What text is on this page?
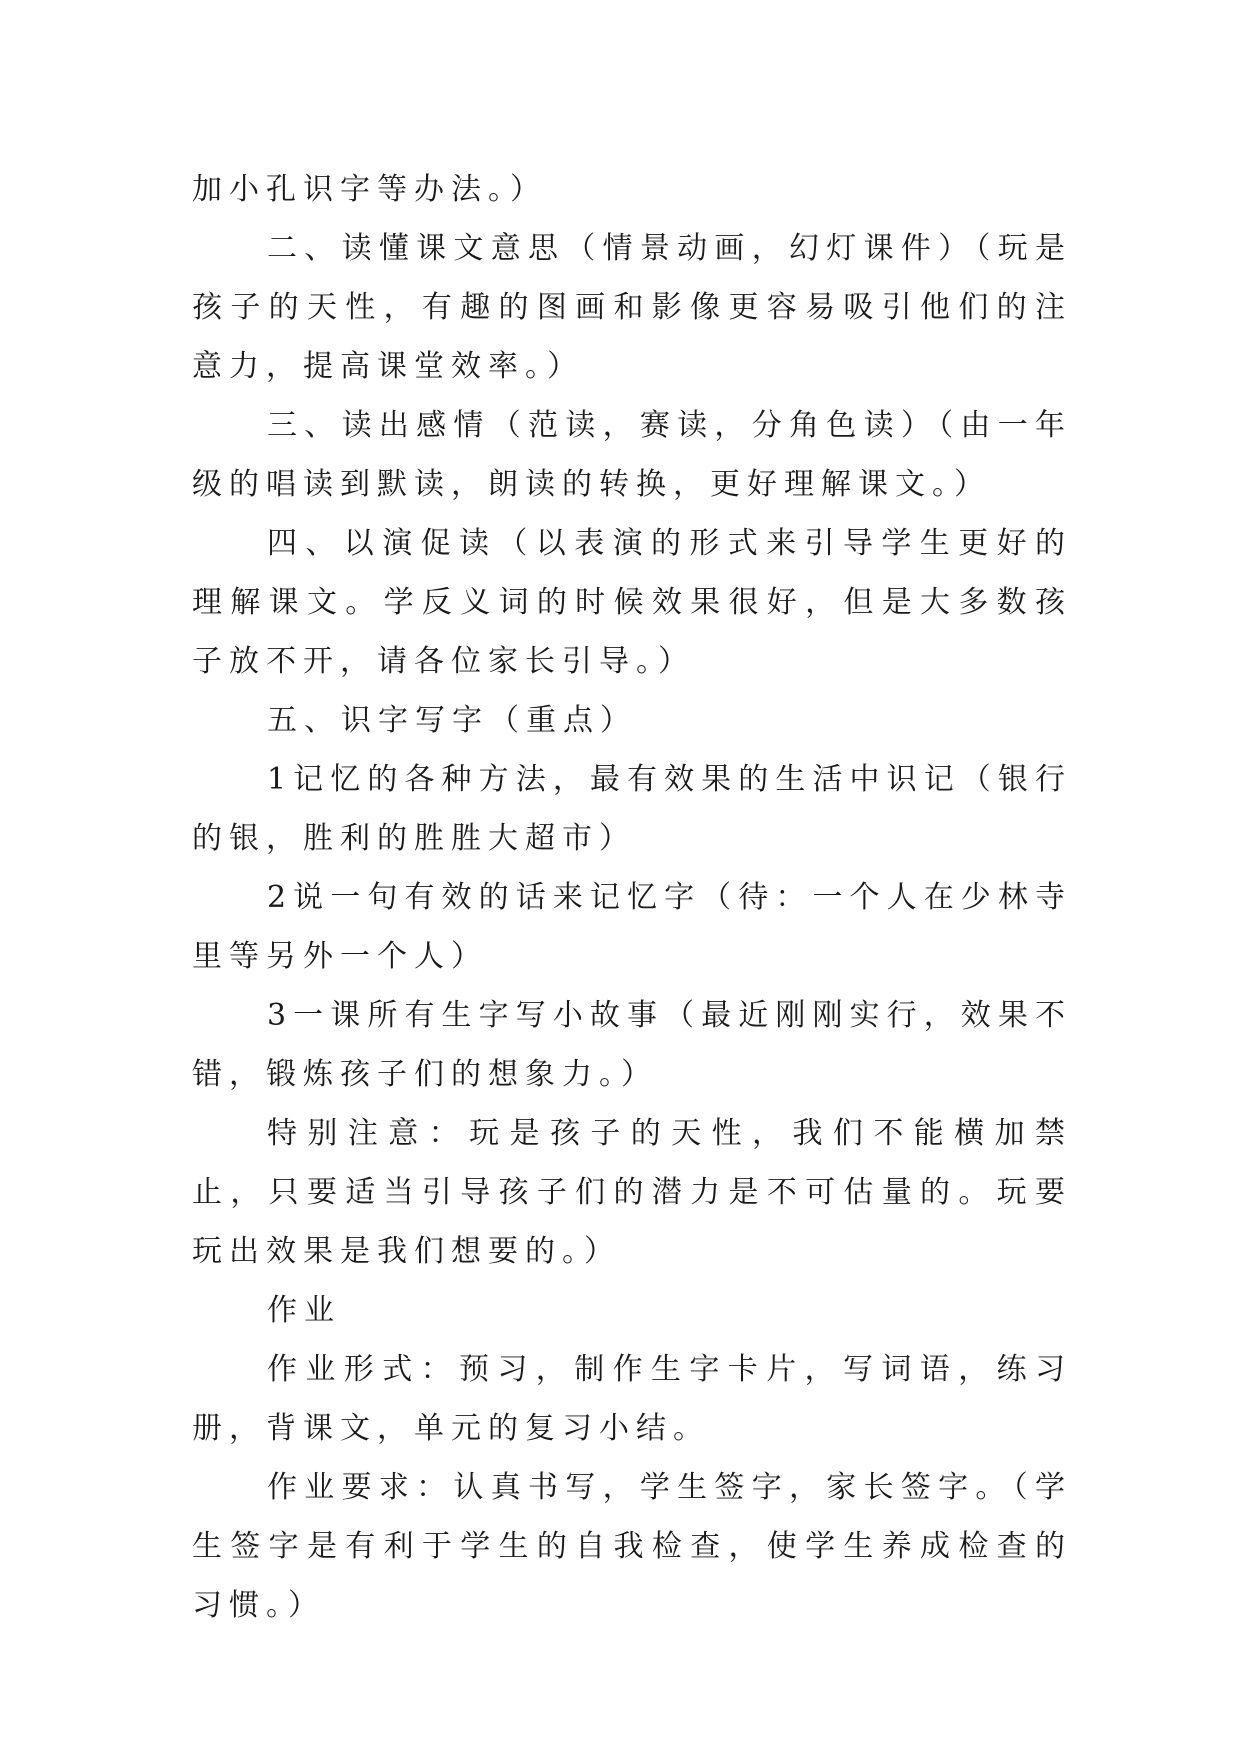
加小孔识字等办法。）

二、读懂课文意思（情景动画，幻灯课件）（玩是孩子的天性，有趣的图画和影像更容易吸引他们的注意力，提高课堂效率。）

三、读出感情（范读，赛读，分角色读）（由一年级的唱读到默读，朗读的转换，更好理解课文。）

四、以演促读（以表演的形式来引导学生更好的理解课文。学反义词的时候效果很好，但是大多数孩子放不开，请各位家长引导。）

五、识字写字（重点）

1记忆的各种方法，最有效果的生活中识记（银行的银，胜利的胜胜大超市）

2说一句有效的话来记忆字（待：一个人在少林寺里等另外一个人）

3一课所有生字写小故事（最近刚刚实行，效果不错，锻炼孩子们的想象力。）

特别注意：玩是孩子的天性，我们不能横加禁止，只要适当引导孩子们的潜力是不可估量的。玩要玩出效果是我们想要的。）

作业

作业形式：预习，制作生字卡片，写词语，练习册，背课文，单元的复习小结。

作业要求：认真书写，学生签字，家长签字。（学生签字是有利于学生的自我检查，使学生养成检查的习惯。）
